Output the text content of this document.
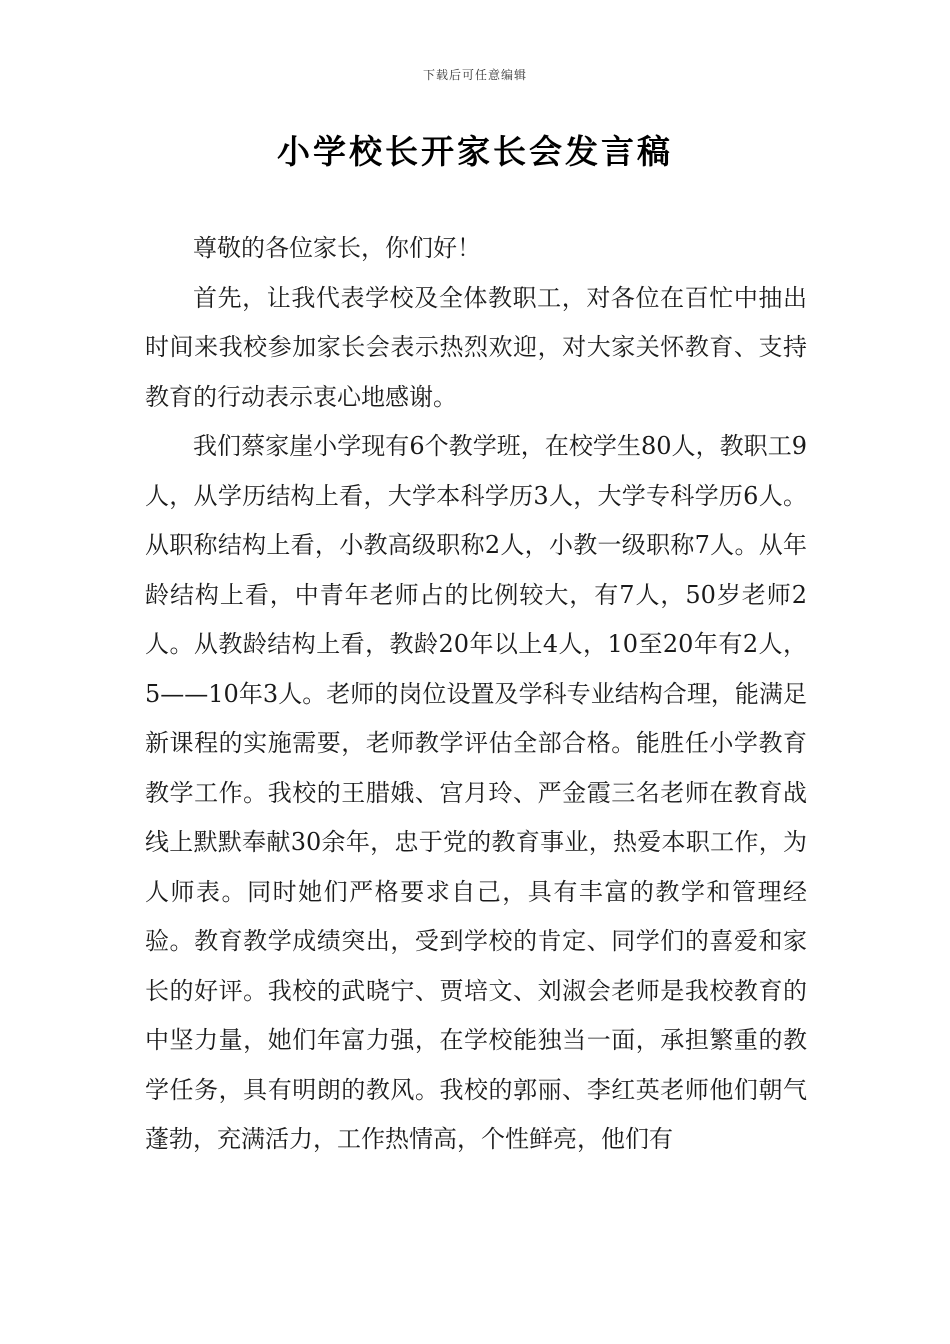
下载后可任意编辑
小学校长开家长会发言稿

尊敬的各位家长，你们好！

首先，让我代表学校及全体教职工，对各位在百忙中抽出时间来我校参加家长会表示热烈欢迎，对大家关怀教育、支持教育的行动表示衷心地感谢。

我们蔡家崖小学现有6个教学班，在校学生80人，教职工9人，从学历结构上看，大学本科学历3人，大学专科学历6人。从职称结构上看，小教高级职称2人，小教一级职称7人。从年龄结构上看，中青年老师占的比例较大，有7人，50岁老师2人。从教龄结构上看，教龄20年以上4人，10至20年有2人，5——10年3人。老师的岗位设置及学科专业结构合理，能满足新课程的实施需要，老师教学评估全部合格。能胜任小学教育教学工作。我校的王腊娥、宫月玲、严金霞三名老师在教育战线上默默奉献30余年，忠于党的教育事业，热爱本职工作，为人师表。同时她们严格要求自己，具有丰富的教学和管理经验。教育教学成绩突出，受到学校的肯定、同学们的喜爱和家长的好评。我校的武晓宁、贾培文、刘淑会老师是我校教育的中坚力量，她们年富力强，在学校能独当一面，承担繁重的教学任务，具有明朗的教风。我校的郭丽、李红英老师他们朝气蓬勃，充满活力，工作热情高，个性鲜亮，他们有
